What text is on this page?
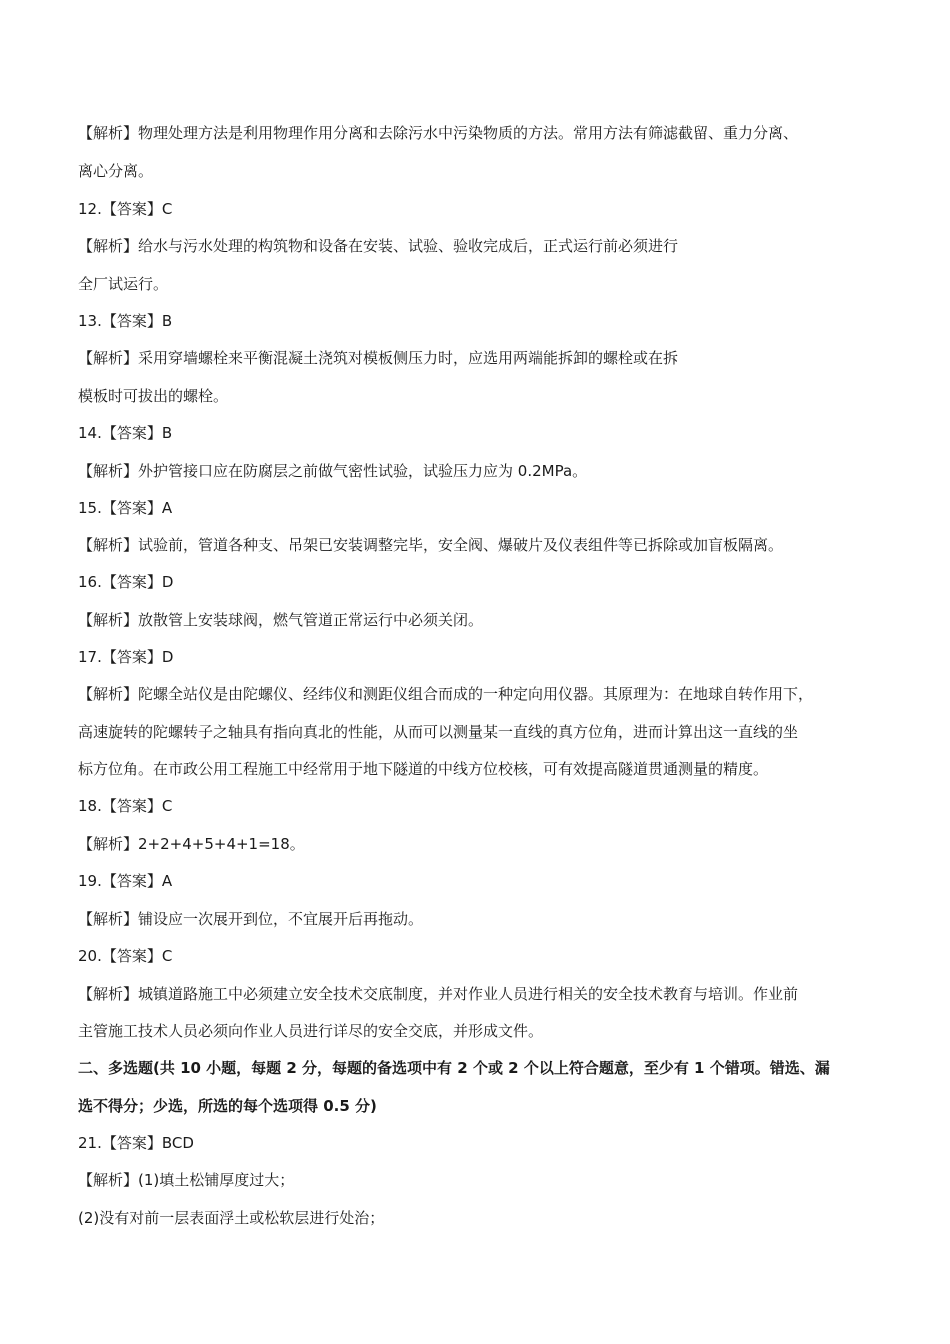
【解析】物理处理方法是利用物理作用分离和去除污水中污染物质的方法。常用方法有筛滤截留、重力分离、
离心分离。
12.【答案】C
【解析】给水与污水处理的构筑物和设备在安装、试验、验收完成后，正式运行前必须进行
全厂试运行。
13.【答案】B
【解析】采用穿墙螺栓来平衡混凝土浇筑对模板侧压力时，应选用两端能拆卸的螺栓或在拆
模板时可拔出的螺栓。
14.【答案】B
【解析】外护管接口应在防腐层之前做气密性试验，试验压力应为 0.2MPa。
15.【答案】A
【解析】试验前，管道各种支、吊架已安装调整完毕，安全阀、爆破片及仪表组件等已拆除或加盲板隔离。
16.【答案】D
【解析】放散管上安装球阀，燃气管道正常运行中必须关闭。
17.【答案】D
【解析】陀螺全站仪是由陀螺仪、经纬仪和测距仪组合而成的一种定向用仪器。其原理为：在地球自转作用下，
高速旋转的陀螺转子之轴具有指向真北的性能，从而可以测量某一直线的真方位角，进而计算出这一直线的坐
标方位角。在市政公用工程施工中经常用于地下隧道的中线方位校核，可有效提高隧道贯通测量的精度。
18.【答案】C
【解析】2+2+4+5+4+1=18。
19.【答案】A
【解析】铺设应一次展开到位，不宜展开后再拖动。
20.【答案】C
【解析】城镇道路施工中必须建立安全技术交底制度，并对作业人员进行相关的安全技术教育与培训。作业前
主管施工技术人员必须向作业人员进行详尽的安全交底，并形成文件。
二、多选题(共 10 小题，每题 2 分，每题的备选项中有 2 个或 2 个以上符合题意，至少有 1 个错项。错选、漏
选不得分；少选，所选的每个选项得 0.5 分)
21.【答案】BCD
【解析】(1)填土松铺厚度过大；
(2)没有对前一层表面浮土或松软层进行处治；
